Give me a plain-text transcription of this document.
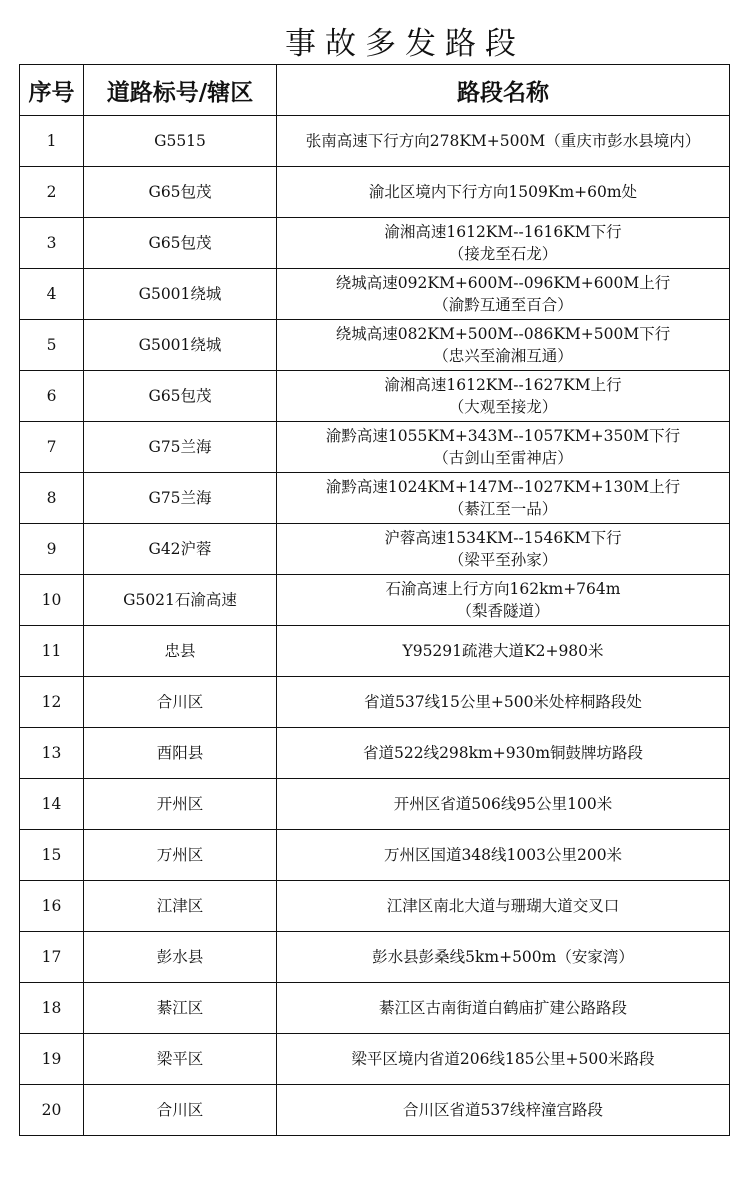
事故多发路段
序号	道路标号/辖区	路段名称
1	G5515	张南高速下行方向278KM+500M（重庆市彭水县境内）

2	G65包茂	渝北区境内下行方向1509Km+60m处

3	G65包茂	渝湘高速1612KM--1616KM下行
（接龙至石龙）

4	G5001绕城	绕城高速092KM+600M--096KM+600M上行
（渝黔互通至百合）

5	G5001绕城	绕城高速082KM+500M--086KM+500M下行
（忠兴至渝湘互通）

6	G65包茂	渝湘高速1612KM--1627KM上行
（大观至接龙）

7	G75兰海	渝黔高速1055KM+343M--1057KM+350M下行
（古剑山至雷神店）

8	G75兰海	渝黔高速1024KM+147M--1027KM+130M上行
（綦江至一品）

9	G42沪蓉	沪蓉高速1534KM--1546KM下行
（梁平至孙家）

10	G5021石渝高速	石渝高速上行方向162km+764m
（梨香隧道）

11	忠县	Y95291疏港大道K2+980米

12	合川区	省道537线15公里+500米处梓桐路段处

13	酉阳县	省道522线298km+930m铜鼓牌坊路段

14	开州区	开州区省道506线95公里100米

15	万州区	万州区国道348线1003公里200米

16	江津区	江津区南北大道与珊瑚大道交叉口

17	彭水县	彭水县彭桑线5km+500m（安家湾）

18	綦江区	綦江区古南街道白鹤庙扩建公路路段

19	梁平区	梁平区境内省道206线185公里+500米路段

20	合川区	合川区省道537线梓潼宫路段
